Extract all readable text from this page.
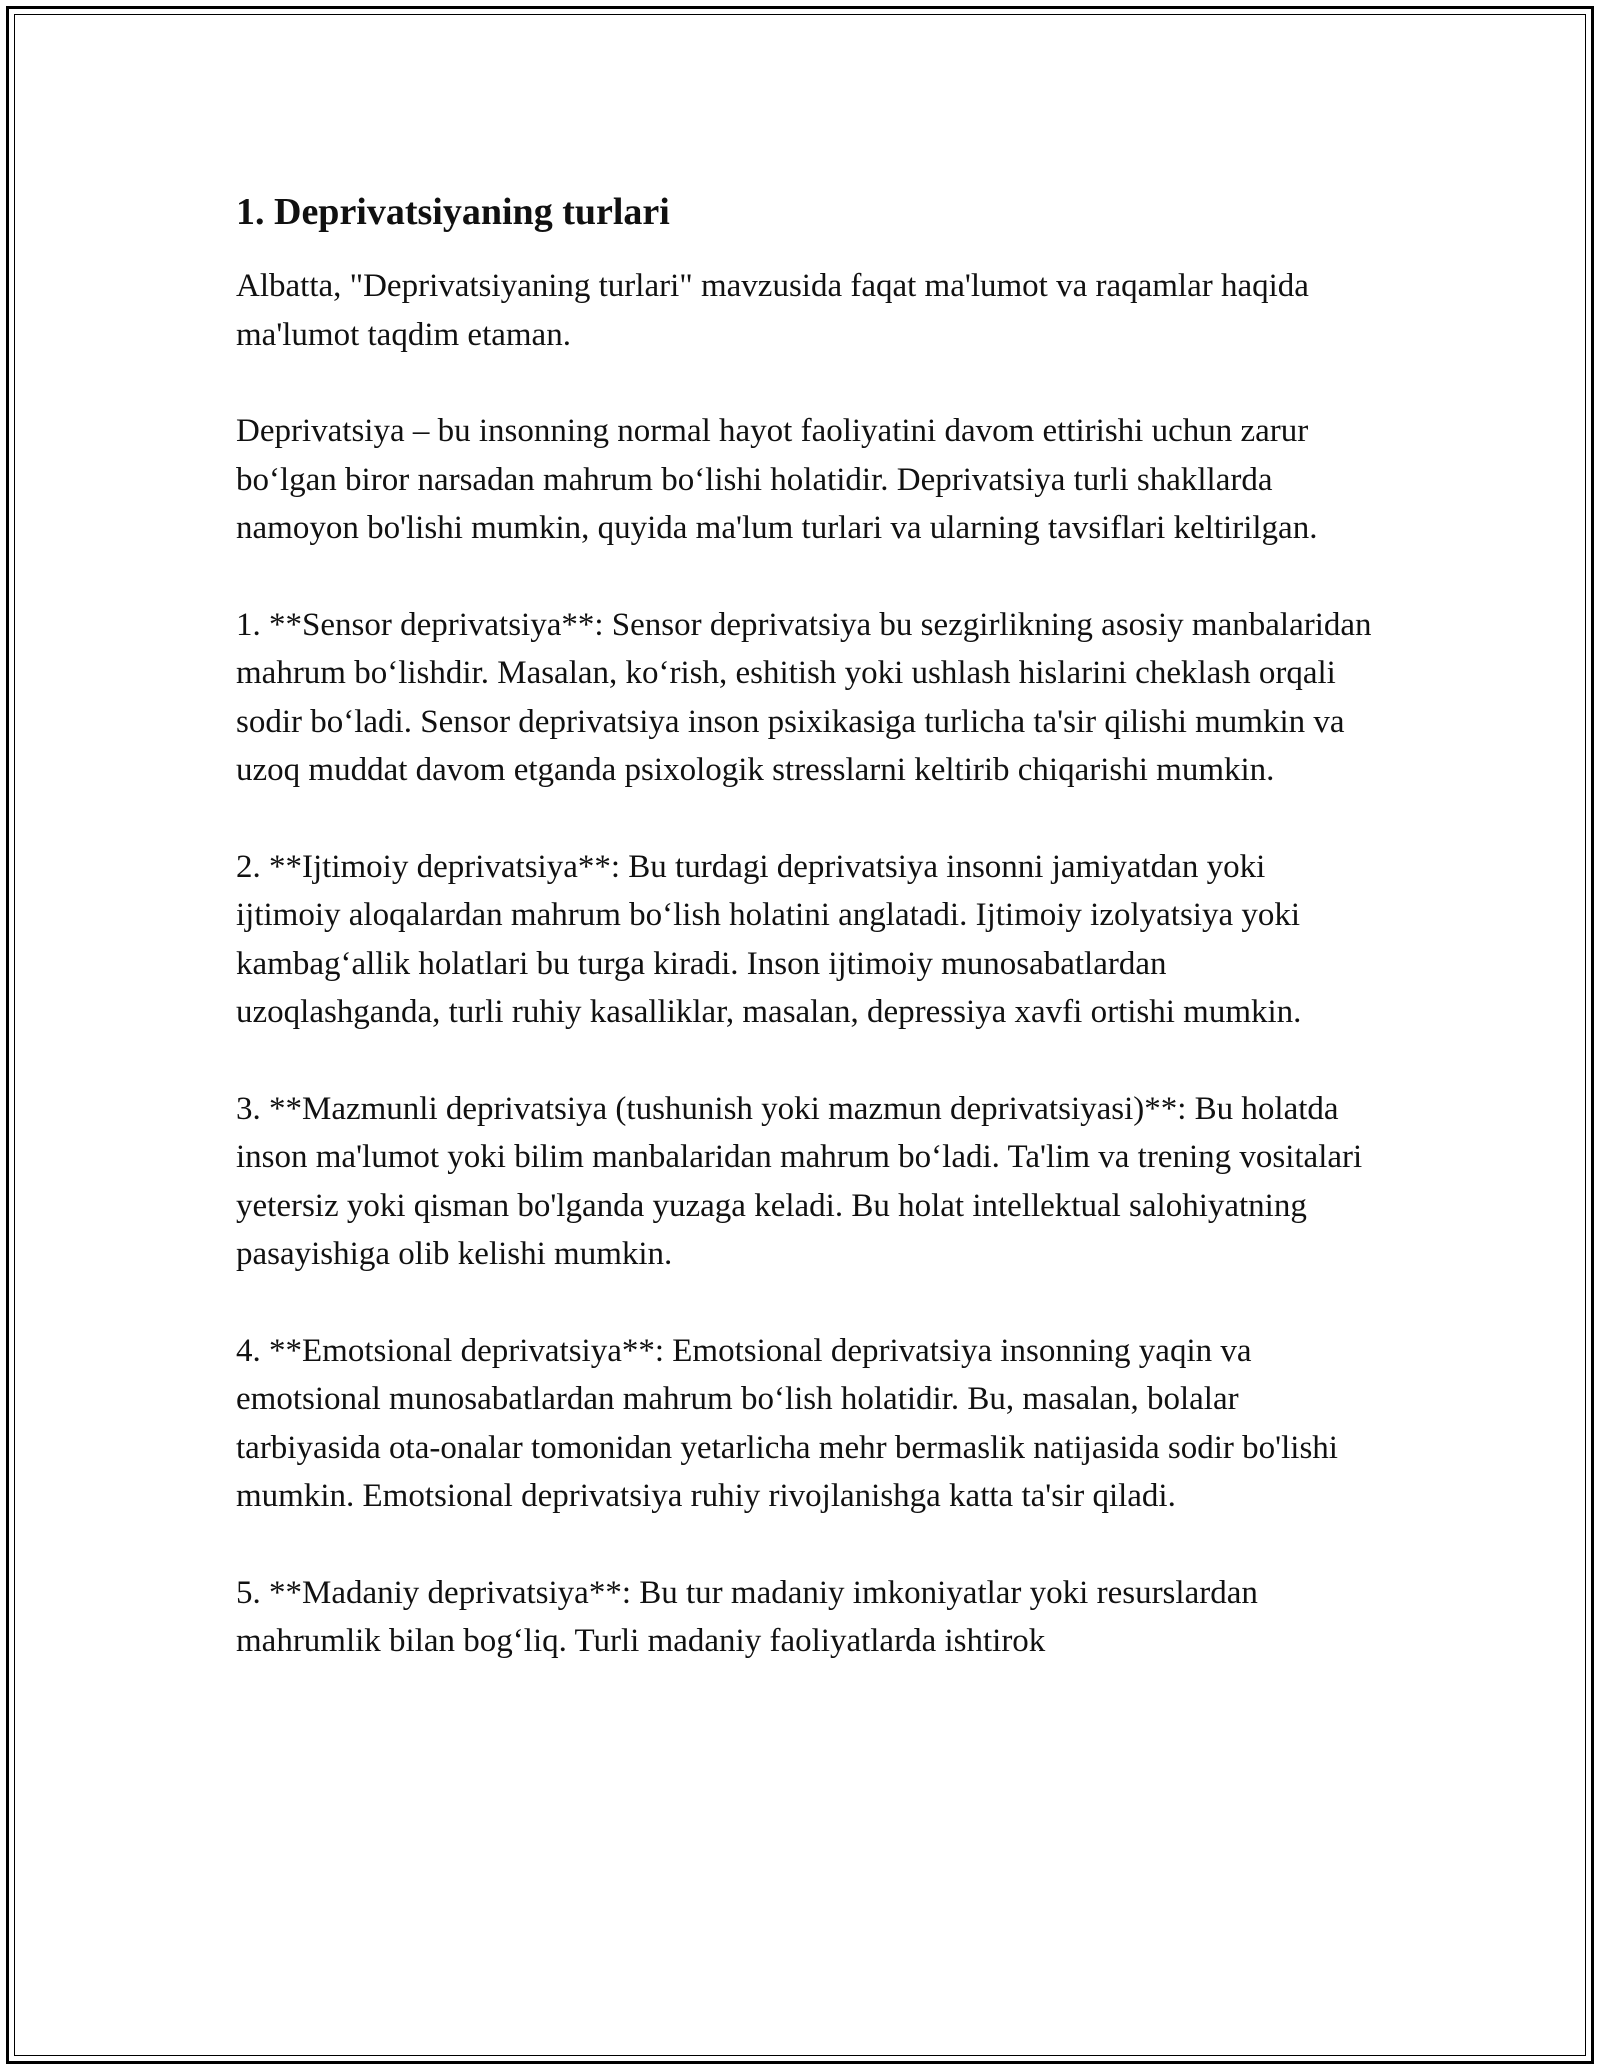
1. Deprivatsiyaning turlari

Albatta, "Deprivatsiyaning turlari" mavzusida faqat ma'lumot va raqamlar haqida ma'lumot taqdim etaman.

Deprivatsiya – bu insonning normal hayot faoliyatini davom ettirishi uchun zarur bo‘lgan biror narsadan mahrum bo‘lishi holatidir. Deprivatsiya turli shakllarda namoyon bo'lishi mumkin, quyida ma'lum turlari va ularning tavsiflari keltirilgan.

1. **Sensor deprivatsiya**: Sensor deprivatsiya bu sezgirlikning asosiy manbalaridan mahrum bo‘lishdir. Masalan, ko‘rish, eshitish yoki ushlash hislarini cheklash orqali sodir bo‘ladi. Sensor deprivatsiya inson psixikasiga turlicha ta'sir qilishi mumkin va uzoq muddat davom etganda psixologik stresslarni keltirib chiqarishi mumkin.

2. **Ijtimoiy deprivatsiya**: Bu turdagi deprivatsiya insonni jamiyatdan yoki ijtimoiy aloqalardan mahrum bo‘lish holatini anglatadi. Ijtimoiy izolyatsiya yoki kambag‘allik holatlari bu turga kiradi. Inson ijtimoiy munosabatlardan uzoqlashganda, turli ruhiy kasalliklar, masalan, depressiya xavfi ortishi mumkin.

3. **Mazmunli deprivatsiya (tushunish yoki mazmun deprivatsiyasi)**: Bu holatda inson ma'lumot yoki bilim manbalaridan mahrum bo‘ladi. Ta'lim va trening vositalari yetersiz yoki qisman bo'lganda yuzaga keladi. Bu holat intellektual salohiyatning pasayishiga olib kelishi mumkin.

4. **Emotsional deprivatsiya**: Emotsional deprivatsiya insonning yaqin va emotsional munosabatlardan mahrum bo‘lish holatidir. Bu, masalan, bolalar tarbiyasida ota-onalar tomonidan yetarlicha mehr bermaslik natijasida sodir bo'lishi mumkin. Emotsional deprivatsiya ruhiy rivojlanishga katta ta'sir qiladi.

5. **Madaniy deprivatsiya**: Bu tur madaniy imkoniyatlar yoki resurslardan mahrumlik bilan bog‘liq. Turli madaniy faoliyatlarda ishtirok
